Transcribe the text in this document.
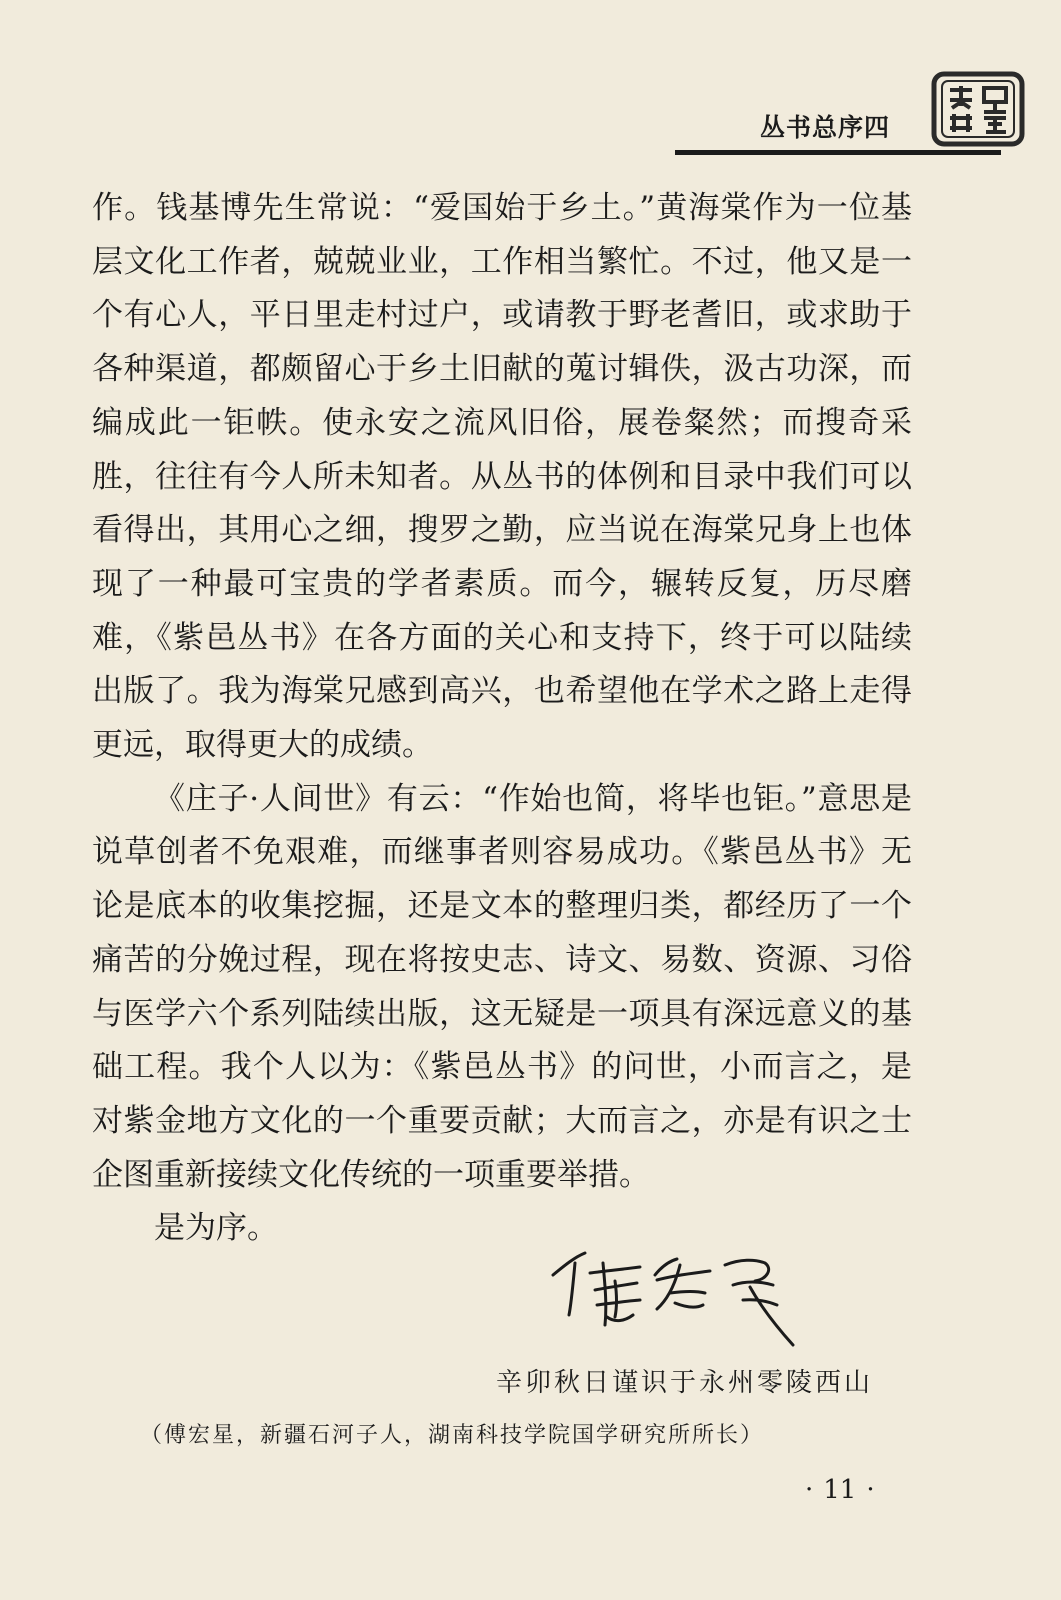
丛书总序四

作。钱基博先生常说：“爱国始于乡土。”黄海棠作为一位基层文化工作者，兢兢业业，工作相当繁忙。不过，他又是一个有心人，平日里走村过户，或请教于野老耆旧，或求助于各种渠道，都颇留心于乡土旧献的蒐讨辑佚，汲古功深，而编成此一钜帙。使永安之流风旧俗，展卷粲然；而搜奇采胜，往往有今人所未知者。从丛书的体例和目录中我们可以看得出，其用心之细，搜罗之勤，应当说在海棠兄身上也体现了一种最可宝贵的学者素质。而今，辗转反复，历尽磨难，《紫邑丛书》在各方面的关心和支持下，终于可以陆续出版了。我为海棠兄感到高兴，也希望他在学术之路上走得更远，取得更大的成绩。

《庄子·人间世》有云：“作始也简，将毕也钜。”意思是说草创者不免艰难，而继事者则容易成功。《紫邑丛书》无论是底本的收集挖掘，还是文本的整理归类，都经历了一个痛苦的分娩过程，现在将按史志、诗文、易数、资源、习俗与医学六个系列陆续出版，这无疑是一项具有深远意义的基础工程。我个人以为：《紫邑丛书》的问世，小而言之，是对紫金地方文化的一个重要贡献；大而言之，亦是有识之士企图重新接续文化传统的一项重要举措。

是为序。

辛卯秋日谨识于永州零陵西山
（傅宏星，新疆石河子人，湖南科技学院国学研究所所长）
· 11 ·
